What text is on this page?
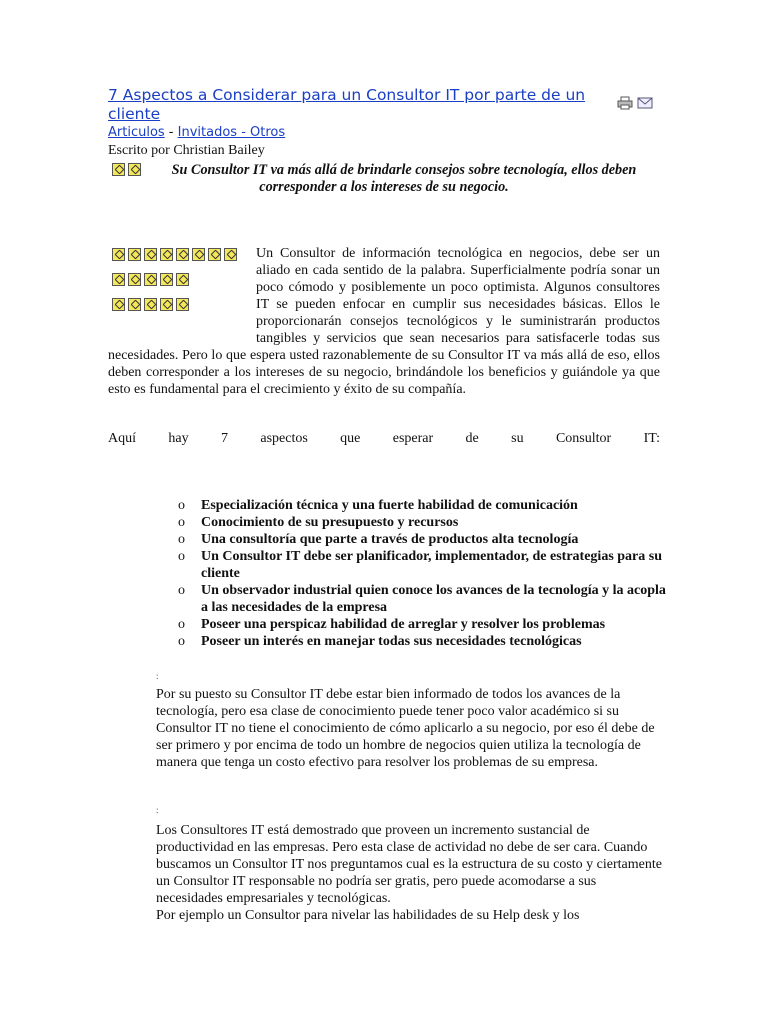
7 Aspectos a Considerar para un Consultor IT por parte de un cliente
Articulos - Invitados - Otros
Escrito por Christian Bailey
Su Consultor IT va más allá de brindarle consejos sobre tecnología, ellos deben corresponder a los intereses de su negocio.
Un Consultor de información tecnológica en negocios, debe ser un aliado en cada sentido de la palabra. Superficialmente podría sonar un poco cómodo y posiblemente un poco optimista. Algunos consultores IT se pueden enfocar en cumplir sus necesidades básicas. Ellos le proporcionarán consejos tecnológicos y le suministrarán productos tangibles y servicios que sean necesarios para satisfacerle todas sus necesidades. Pero lo que espera usted razonablemente de su Consultor IT va más allá de eso, ellos deben corresponder a los intereses de su negocio, brindándole los beneficios y guiándole ya que esto es fundamental para el crecimiento y éxito de su compañía.
Aquí hay 7 aspectos que esperar de su Consultor IT:
o Especialización técnica y una fuerte habilidad de comunicación
o Conocimiento de su presupuesto y recursos
o Una consultoría que parte a través de productos alta tecnología
o Un Consultor IT debe ser planificador, implementador, de estrategias para su cliente
o Un observador industrial quien conoce los avances de la tecnología y la acopla a las necesidades de la empresa
o Poseer una perspicaz habilidad de arreglar y resolver los problemas
o Poseer un interés en manejar todas sus necesidades tecnológicas
:
Por su puesto su Consultor IT debe estar bien informado de todos los avances de la tecnología, pero esa clase de conocimiento puede tener poco valor académico si su Consultor IT no tiene el conocimiento de cómo aplicarlo a su negocio, por eso él debe de ser primero y por encima de todo un hombre de negocios quien utiliza la tecnología de manera que tenga un costo efectivo para resolver los problemas de su empresa.
:
Los Consultores IT está demostrado que proveen un incremento sustancial de productividad en las empresas. Pero esta clase de actividad no debe de ser cara. Cuando buscamos un Consultor IT nos preguntamos cual es la estructura de su costo y ciertamente un Consultor IT responsable no podría ser gratis, pero puede acomodarse a sus necesidades empresariales y tecnológicas.
Por ejemplo un Consultor para nivelar las habilidades de su Help desk y los
